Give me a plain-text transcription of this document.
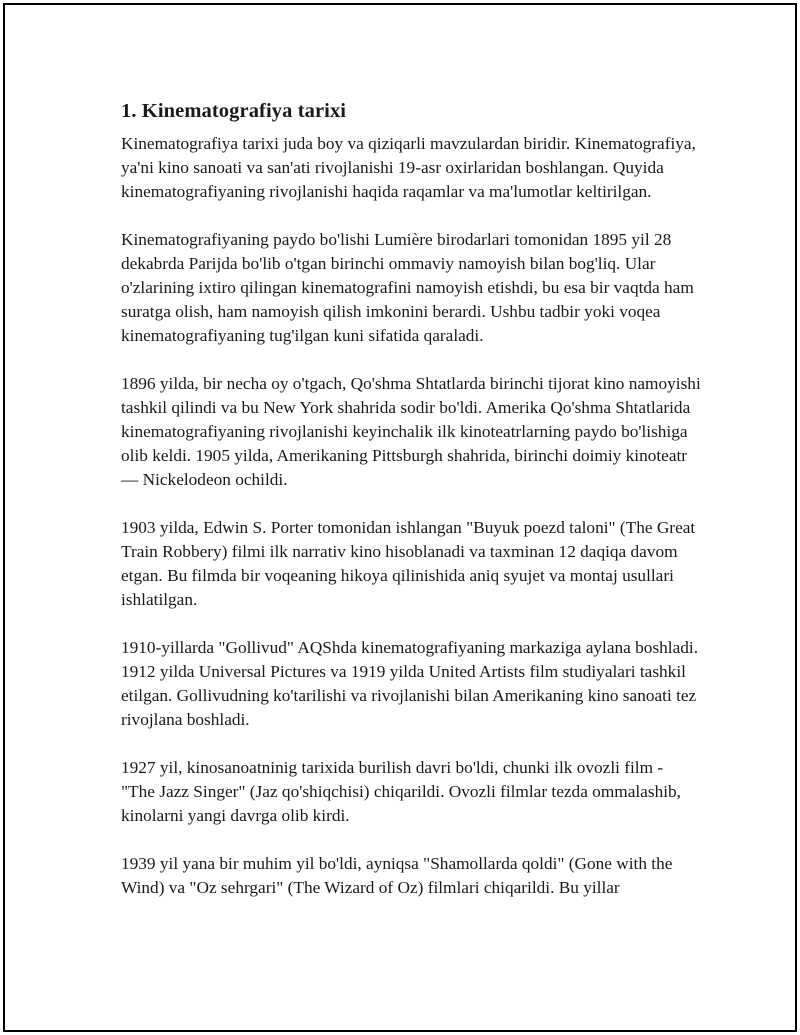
1. Kinematografiya tarixi

Kinematografiya tarixi juda boy va qiziqarli mavzulardan biridir. Kinematografiya, ya'ni kino sanoati va san'ati rivojlanishi 19-asr oxirlaridan boshlangan. Quyida kinematografiyaning rivojlanishi haqida raqamlar va ma'lumotlar keltirilgan.

Kinematografiyaning paydo bo'lishi Lumière birodarlari tomonidan 1895 yil 28 dekabrda Parijda bo'lib o'tgan birinchi ommaviy namoyish bilan bog'liq. Ular o'zlarining ixtiro qilingan kinematografini namoyish etishdi, bu esa bir vaqtda ham suratga olish, ham namoyish qilish imkonini berardi. Ushbu tadbir yoki voqea kinematografiyaning tug'ilgan kuni sifatida qaraladi.

1896 yilda, bir necha oy o'tgach, Qo'shma Shtatlarda birinchi tijorat kino namoyishi tashkil qilindi va bu New York shahrida sodir bo'ldi. Amerika Qo'shma Shtatlarida kinematografiyaning rivojlanishi keyinchalik ilk kinoteatrlarning paydo bo'lishiga olib keldi. 1905 yilda, Amerikaning Pittsburgh shahrida, birinchi doimiy kinoteatr — Nickelodeon ochildi.

1903 yilda, Edwin S. Porter tomonidan ishlangan "Buyuk poezd taloni" (The Great Train Robbery) filmi ilk narrativ kino hisoblanadi va taxminan 12 daqiqa davom etgan. Bu filmda bir voqeaning hikoya qilinishida aniq syujet va montaj usullari ishlatilgan.

1910-yillarda "Gollivud" AQShda kinematografiyaning markaziga aylana boshladi. 1912 yilda Universal Pictures va 1919 yilda United Artists film studiyalari tashkil etilgan. Gollivudning ko'tarilishi va rivojlanishi bilan Amerikaning kino sanoati tez rivojlana boshladi.

1927 yil, kinosanoatninig tarixida burilish davri bo'ldi, chunki ilk ovozli film - "The Jazz Singer" (Jaz qo'shiqchisi) chiqarildi. Ovozli filmlar tezda ommalashib, kinolarni yangi davrga olib kirdi.

1939 yil yana bir muhim yil bo'ldi, ayniqsa "Shamollarda qoldi" (Gone with the Wind) va "Oz sehrgari" (The Wizard of Oz) filmlari chiqarildi. Bu yillar
